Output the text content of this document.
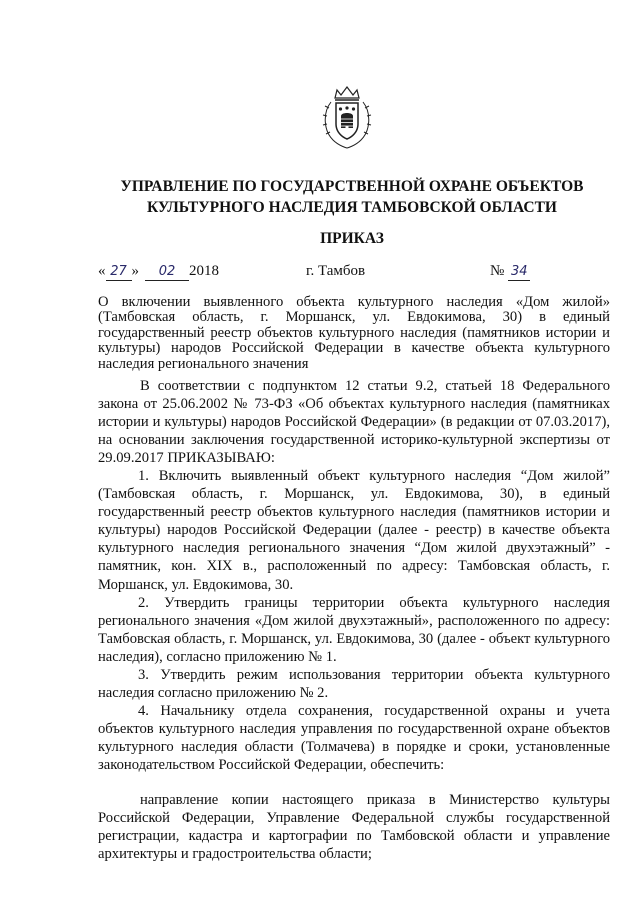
УПРАВЛЕНИЕ ПО ГОСУДАРСТВЕННОЙ ОХРАНЕ ОБЪЕКТОВ
КУЛЬТУРНОГО НАСЛЕДИЯ ТАМБОВСКОЙ ОБЛАСТИ
ПРИКАЗ
« 27 » 02 2018	г. Тамбов	№ 34
О включении выявленного объекта культурного наследия «Дом жилой» (Тамбовская область, г. Моршанск, ул. Евдокимова, 30) в единый государственный реестр объектов культурного наследия (памятников истории и культуры) народов Российской Федерации в качестве объекта культурного наследия регионального значения

В соответствии с подпунктом 12 статьи 9.2, статьей 18 Федерального закона от 25.06.2002 № 73-ФЗ «Об объектах культурного наследия (памятниках истории и культуры) народов Российской Федерации» (в редакции от 07.03.2017), на основании заключения государственной историко-культурной экспертизы от 29.09.2017 ПРИКАЗЫВАЮ:

1. Включить выявленный объект культурного наследия “Дом жилой” (Тамбовская область, г. Моршанск, ул. Евдокимова, 30), в единый государственный реестр объектов культурного наследия (памятников истории и культуры) народов Российской Федерации (далее - реестр) в качестве объекта культурного наследия регионального значения “Дом жилой двухэтажный” - памятник, кон. XIX в., расположенный по адресу: Тамбовская область, г. Моршанск, ул. Евдокимова, 30.

2. Утвердить границы территории объекта культурного наследия регионального значения «Дом жилой двухэтажный», расположенного по адресу: Тамбовская область, г. Моршанск, ул. Евдокимова, 30 (далее - объект культурного наследия), согласно приложению № 1.

3. Утвердить режим использования территории объекта культурного наследия согласно приложению № 2.

4. Начальнику отдела сохранения, государственной охраны и учета объектов культурного наследия управления по государственной охране объектов культурного наследия области (Толмачева) в порядке и сроки, установленные законодательством Российской Федерации, обеспечить:

направление копии настоящего приказа в Министерство культуры Российской Федерации, Управление Федеральной службы государственной регистрации, кадастра и картографии по Тамбовской области и управление архитектуры и градостроительства области;
